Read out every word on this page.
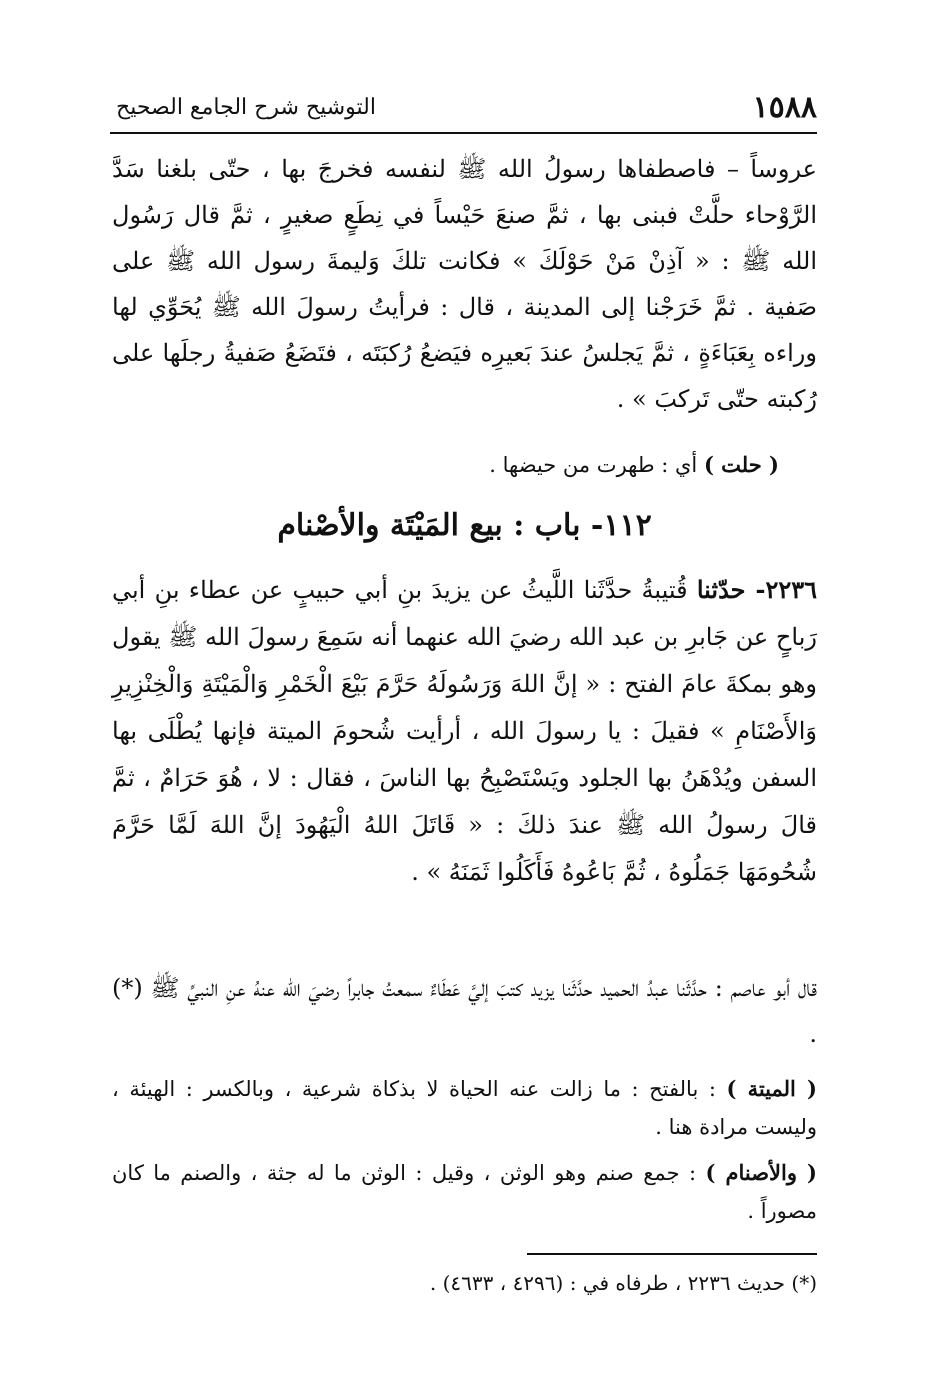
١٥٨٨
التوشيح شرح الجامع الصحيح

عروساً – فاصطفاها رسولُ الله ﷺ لنفسه فخرجَ بها ، حتّى بلغنا سَدَّ الرَّوْحاء حلَّتْ فبنى بها ، ثمَّ صنعَ حَيْساً في نِطَعٍ صغيرٍ ، ثمَّ قال رَسُول الله ﷺ : « آذِنْ مَنْ حَوْلَكَ » فكانت تلكَ وَليمةَ رسول الله ﷺ على صَفية . ثمَّ خَرَجْنا إلى المدينة ، قال : فرأيتُ رسولَ الله ﷺ يُحَوِّي لها وراءه بِعَبَاءَةٍ ، ثمَّ يَجلسُ عندَ بَعيرِه فيَضعُ رُكبَتَه ، فتَضَعُ صَفيةُ رجلَها على رُكبته حتّى تَركبَ » .

( حلت ) أي : طهرت من حيضها .
١١٢- باب : بيع المَيْتَة والأصْنام

٢٢٣٦- حدّثنا قُتيبةُ حدَّثَنا اللَّيثُ عن يزيدَ بنِ أبي حبيبٍ عن عطاء بنِ أبي رَباحٍ عن جَابرِ بن عبد الله رضيَ الله عنهما أنه سَمِعَ رسولَ الله ﷺ يقول وهو بمكةَ عامَ الفتح : « إنَّ اللهَ وَرَسُولَهُ حَرَّمَ بَيْعَ الْخَمْرِ وَالْمَيْتَةِ وَالْخِنْزِيرِ وَالأَصْنَامِ » فقيلَ : يا رسولَ الله ، أرأيت شُحومَ الميتة فإنها يُطْلَى بها السفن ويُدْهَنُ بها الجلود ويَسْتَصْبِحُ بها الناسَ ، فقال : لا ، هُوَ حَرَامٌ ، ثمَّ قالَ رسولُ الله ﷺ عندَ ذلكَ : « قَاتَلَ اللهُ الْيَهُودَ إنَّ اللهَ لَمَّا حَرَّمَ شُحُومَهَا جَمَلُوهُ ، ثُمَّ بَاعُوهُ فَأَكَلُوا ثَمَنَهُ » .

قال أبو عاصم : حدَّثَنا عبدُ الحميد حدَّثَنا يزيد كتبَ إليَّ عَطَاءٌ سمعتُ جابراً رضيَ الله عنهُ عنِ النبيِّ ﷺ (*) .

( الميتة ) : بالفتح : ما زالت عنه الحياة لا بذكاة شرعية ، وبالكسر : الهيئة ، وليست مرادة هنا .

( والأصنام ) : جمع صنم وهو الوثن ، وقيل : الوثن ما له جثة ، والصنم ما كان مصوراً .

(*) حديث ٢٢٣٦ ، طرفاه في : (٤٢٩٦ ، ٤٦٣٣) .
